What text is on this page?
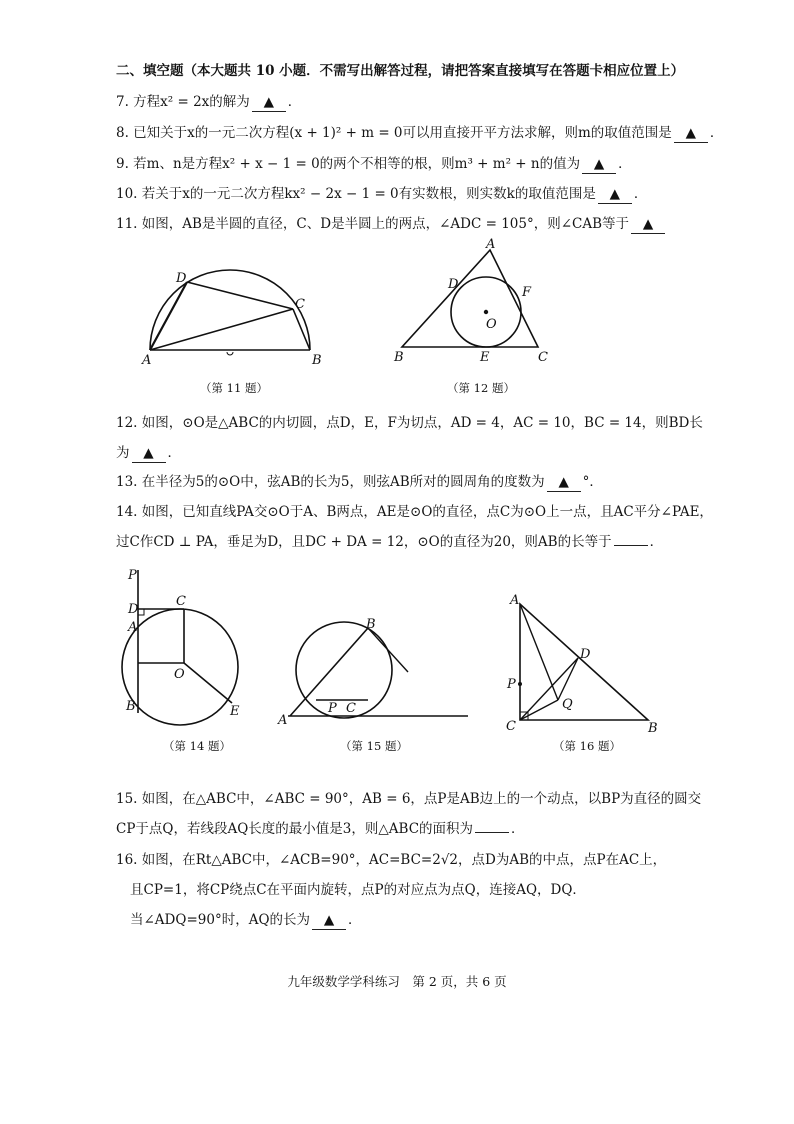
二、填空题（本大题共 10 小题．不需写出解答过程，请把答案直接填写在答题卡相应位置上）
7. 方程x² = 2x的解为 ▲ ．
8. 已知关于x的一元二次方程(x + 1)² + m = 0可以用直接开平方法求解，则m的取值范围是 ▲ ．
9. 若m、n是方程x² + x − 1 = 0的两个不相等的根，则m³ + m² + n的值为 ▲ ．
10. 若关于x的一元二次方程kx² − 2x − 1 = 0有实数根，则实数k的取值范围是 ▲ ．
11. 如图，AB是半圆的直径，C、D是半圆上的两点，∠ADC = 105°，则∠CAB等于 ▲
A	B
C
D
（第 11 题）
A
B	C
D
E
F
O
（第 12 题）
12. 如图，⊙O是△ABC的内切圆，点D，E，F为切点，AD = 4，AC = 10，BC = 14，则BD长
为 ▲ ．
13. 在半径为5的⊙O中，弦AB的长为5，则弦AB所对的圆周角的度数为 ▲ °．
14. 如图，已知直线PA交⊙O于A、B两点，AE是⊙O的直径，点C为⊙O上一点，且AC平分∠PAE，
过C作CD ⊥ PA，垂足为D，且DC + DA = 12，⊙O的直径为20，则AB的长等于	．
P
D
A
C
O
B	E
（第 14 题）
A
B
P C
（第 15 题）
A
D
P
Q
C	B
（第 16 题）
15. 如图，在△ABC中，∠ABC = 90°，AB = 6，点P是AB边上的一个动点，以BP为直径的圆交
CP于点Q，若线段AQ长度的最小值是3，则△ABC的面积为	．
16. 如图，在Rt△ABC中，∠ACB=90°，AC=BC=2√2，点D为AB的中点，点P在AC上，
且CP=1，将CP绕点C在平面内旋转，点P的对应点为点Q，连接AQ，DQ．
当∠ADQ=90°时，AQ的长为 ▲ ．
九年级数学学科练习　第 2 页，共 6 页
